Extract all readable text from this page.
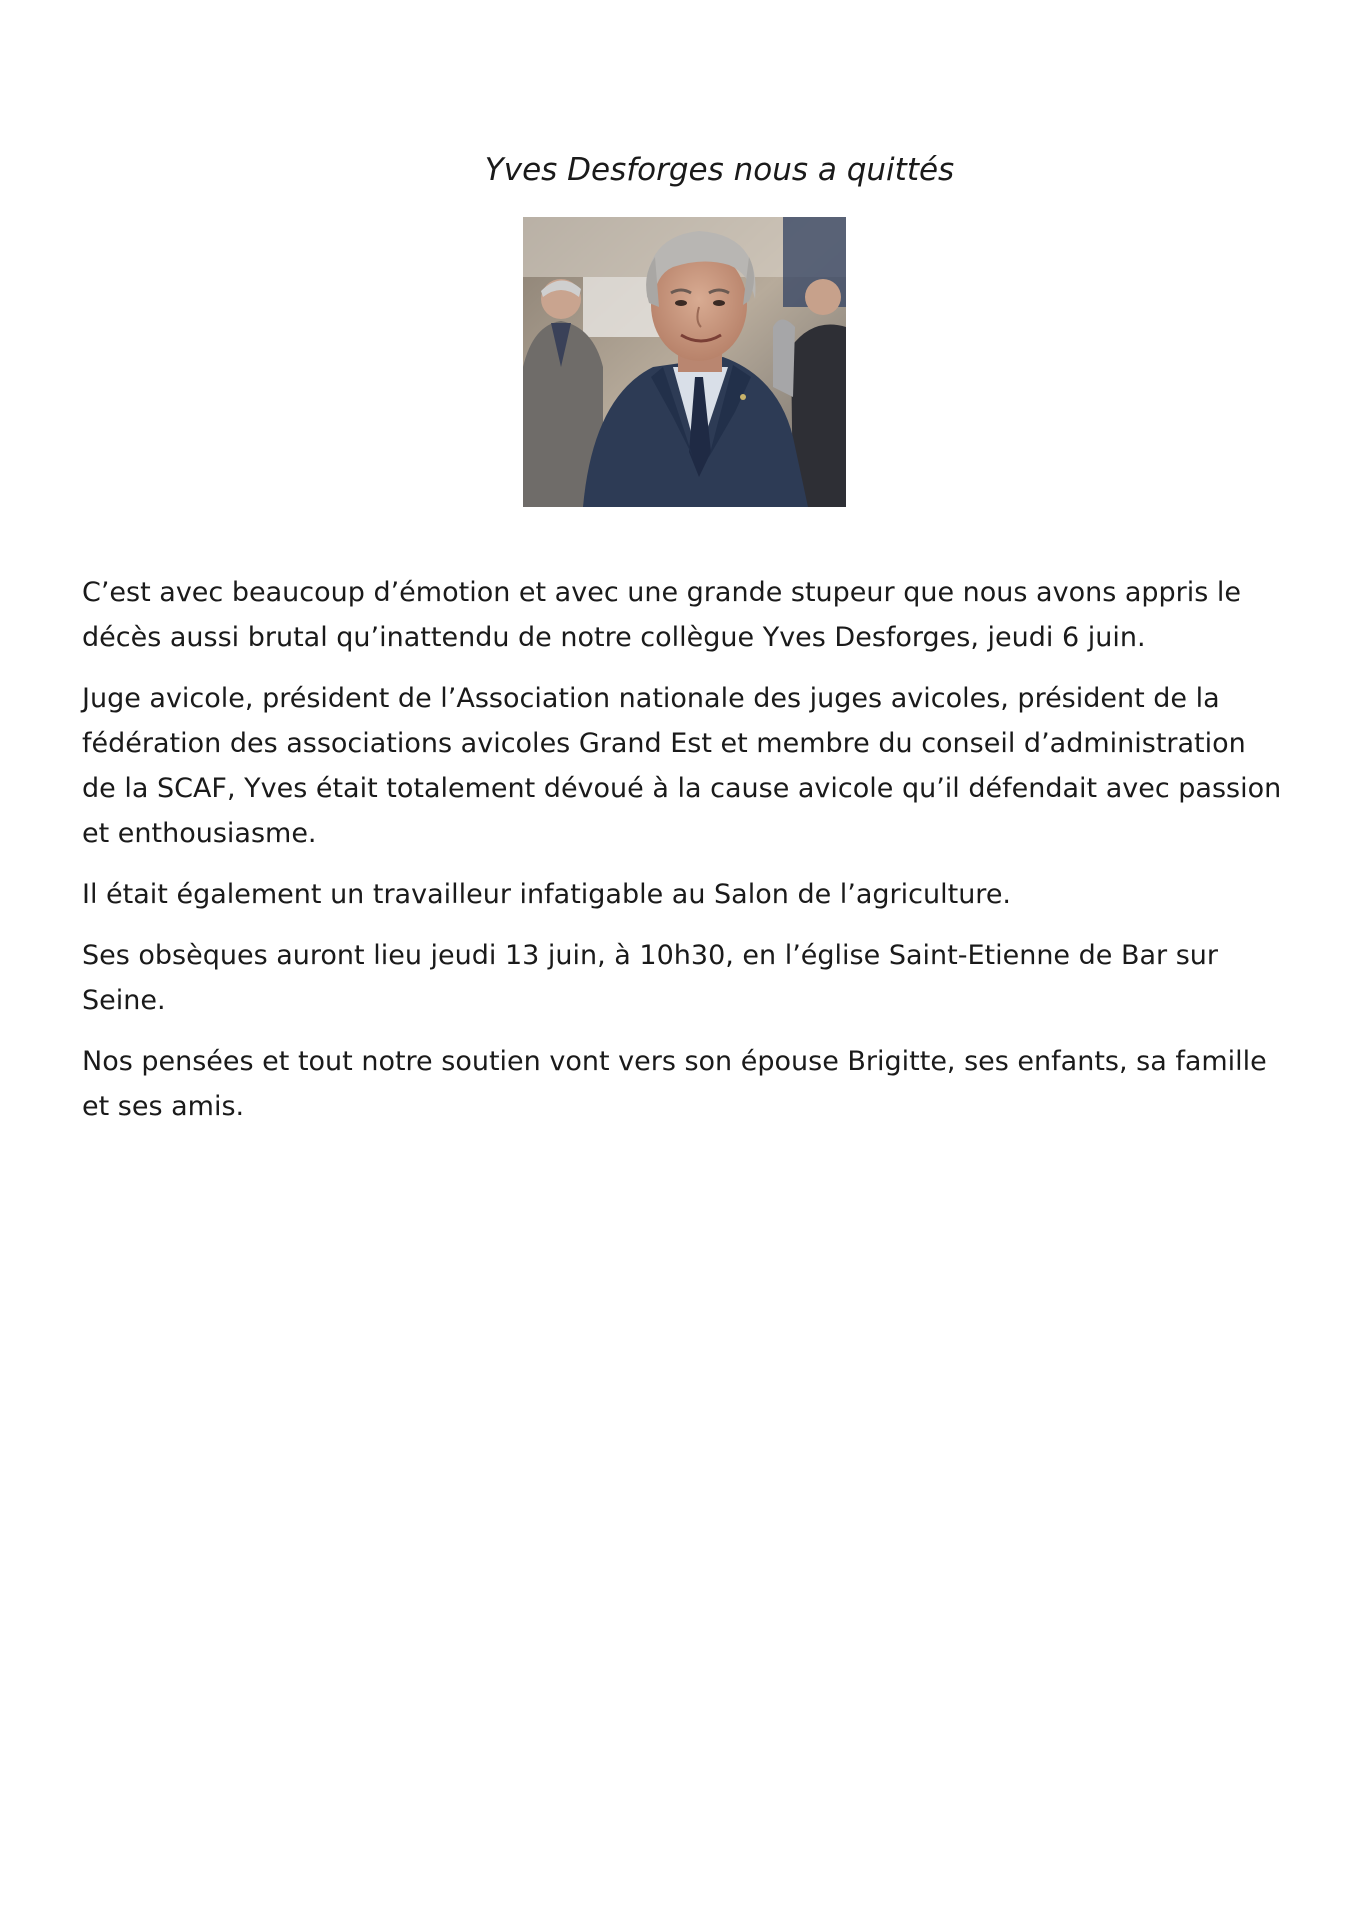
Yves Desforges nous a quittés

C’est avec beaucoup d’émotion et avec une grande stupeur que nous avons appris le décès aussi brutal qu’inattendu de notre collègue Yves Desforges, jeudi 6 juin.

Juge avicole, président de l’Association nationale des juges avicoles, président de la fédération des associations avicoles Grand Est et membre du conseil d’administration de la SCAF, Yves était totalement dévoué à la cause avicole qu’il défendait avec passion et enthousiasme.

Il était également un travailleur infatigable au Salon de l’agriculture.

Ses obsèques auront lieu jeudi 13 juin, à 10h30, en l’église Saint-Etienne de Bar sur Seine.

Nos pensées et tout notre soutien vont vers son épouse Brigitte, ses enfants, sa famille et ses amis.
